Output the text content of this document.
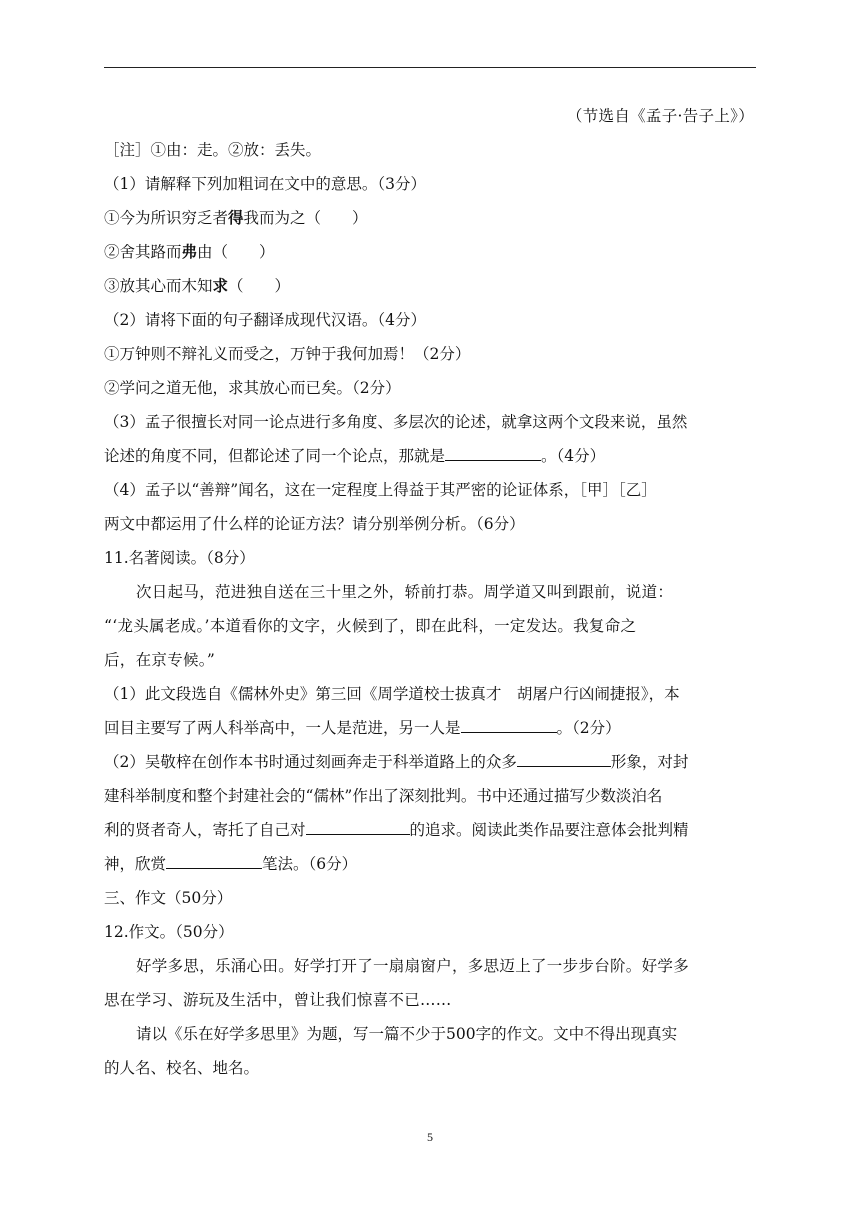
（节选自《孟子·告子上》）
［注］①由：走。②放：丢失。
（1）请解释下列加粗词在文中的意思。（3分）
①今为所识穷乏者得我而为之（　　）
②舍其路而弗由（　　）
③放其心而木知求（　　）
（2）请将下面的句子翻译成现代汉语。（4分）
①万钟则不辩礼义而受之，万钟于我何加焉！（2分）
②学问之道无他，求其放心而已矣。（2分）
（3）孟子很擅长对同一论点进行多角度、多层次的论述，就拿这两个文段来说，虽然
论述的角度不同，但都论述了同一个论点，那就是	。（4分）
（4）孟子以“善辩”闻名，这在一定程度上得益于其严密的论证体系，［甲］［乙］
两文中都运用了什么样的论证方法？请分别举例分析。（6分）
11.名著阅读。（8分）
次日起马，范进独自送在三十里之外，轿前打恭。周学道又叫到跟前，说道：
“‘龙头属老成。’本道看你的文字，火候到了，即在此科，一定发达。我复命之
后，在京专候。”
（1）此文段选自《儒林外史》第三回《周学道校士拔真才　胡屠户行凶闹捷报》，本
回目主要写了两人科举高中，一人是范进，另一人是	。（2分）
（2）吴敬梓在创作本书时通过刻画奔走于科举道路上的众多	形象，对封
建科举制度和整个封建社会的“儒林”作出了深刻批判。书中还通过描写少数淡泊名
利的贤者奇人，寄托了自己对	的追求。阅读此类作品要注意体会批判精
神，欣赏	笔法。（6分）
三、作文（50分）
12.作文。（50分）
好学多思，乐涌心田。好学打开了一扇扇窗户，多思迈上了一步步台阶。好学多
思在学习、游玩及生活中，曾让我们惊喜不已……
请以《乐在好学多思里》为题，写一篇不少于500字的作文。文中不得出现真实
的人名、校名、地名。
5
